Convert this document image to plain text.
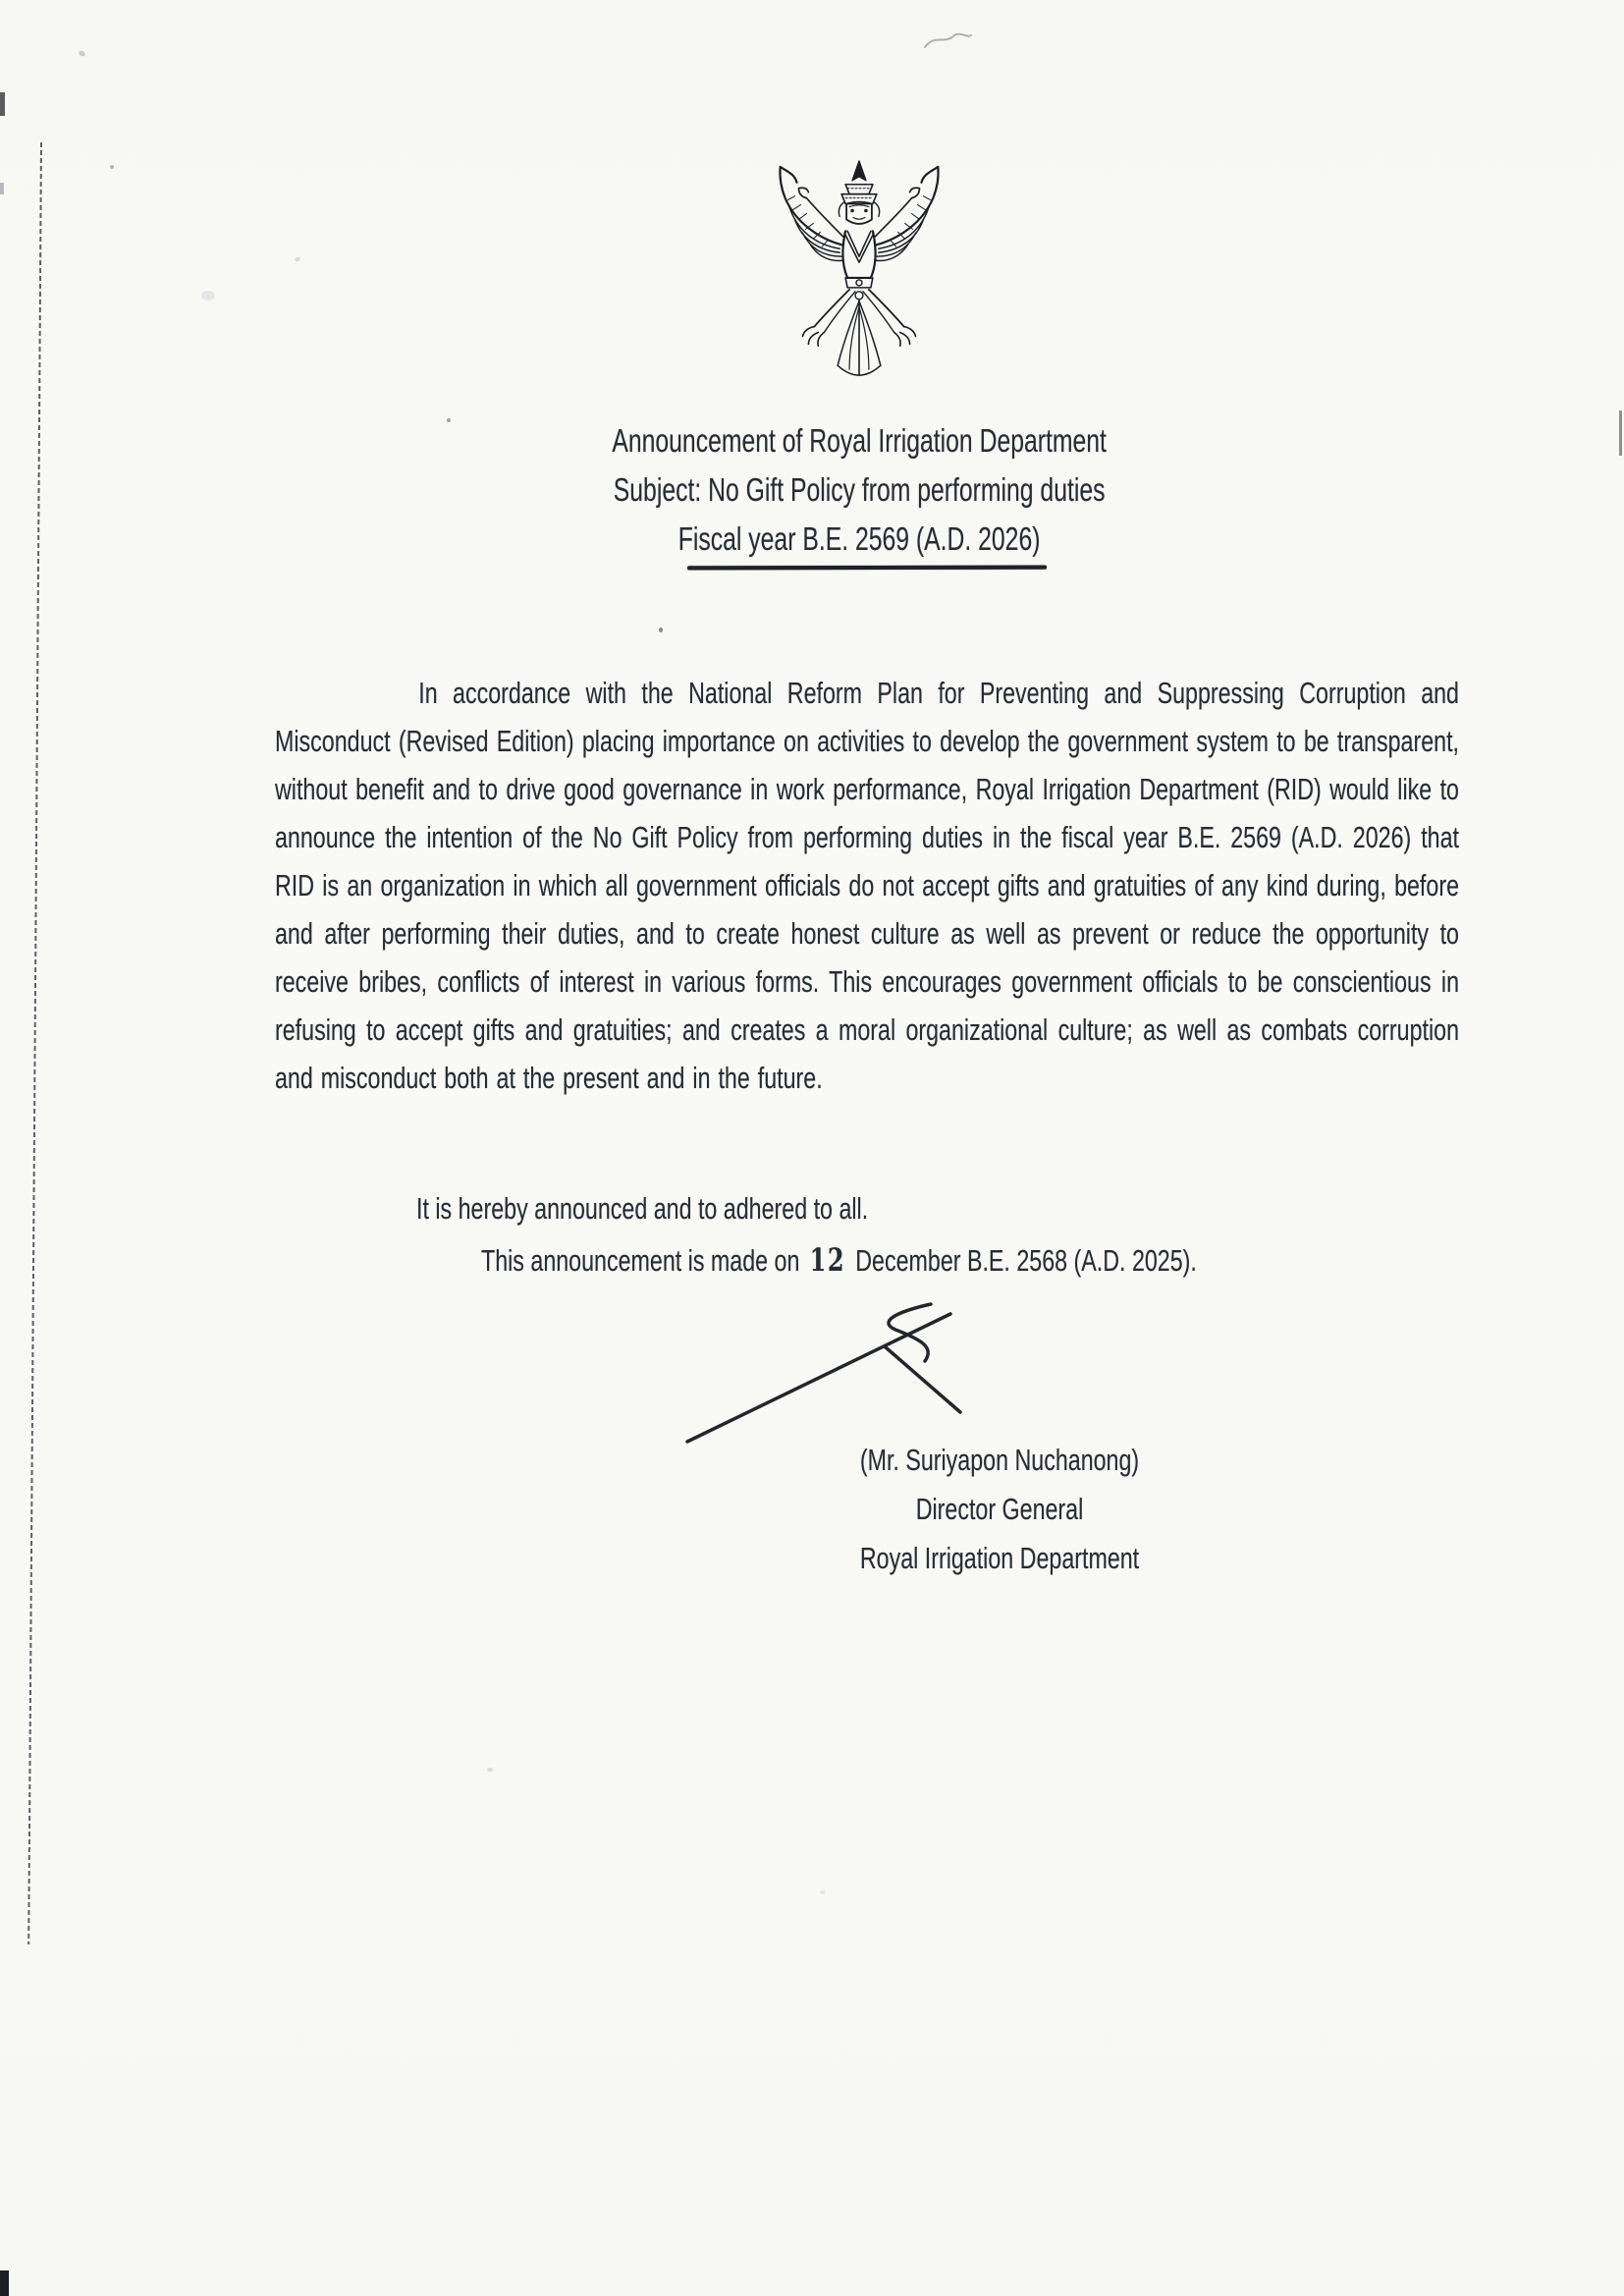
Announcement of Royal Irrigation Department
Subject: No Gift Policy from performing duties
Fiscal year B.E. 2569 (A.D. 2026)

In accordance with the National Reform Plan for Preventing and Suppressing Corruption and Misconduct (Revised Edition) placing importance on activities to develop the government system to be transparent, without benefit and to drive good governance in work performance, Royal Irrigation Department (RID) would like to announce the intention of the No Gift Policy from performing duties in the fiscal year B.E. 2569 (A.D. 2026) that RID is an organization in which all government officials do not accept gifts and gratuities of any kind during, before and after performing their duties, and to create honest culture as well as prevent or reduce the opportunity to receive bribes, conflicts of interest in various forms. This encourages government officials to be conscientious in refusing to accept gifts and gratuities; and creates a moral organizational culture; as well as combats corruption and misconduct both at the present and in the future.

It is hereby announced and to adhered to all.
This announcement is made on 12 December B.E. 2568 (A.D. 2025).
(Mr. Suriyapon Nuchanong)
Director General
Royal Irrigation Department
